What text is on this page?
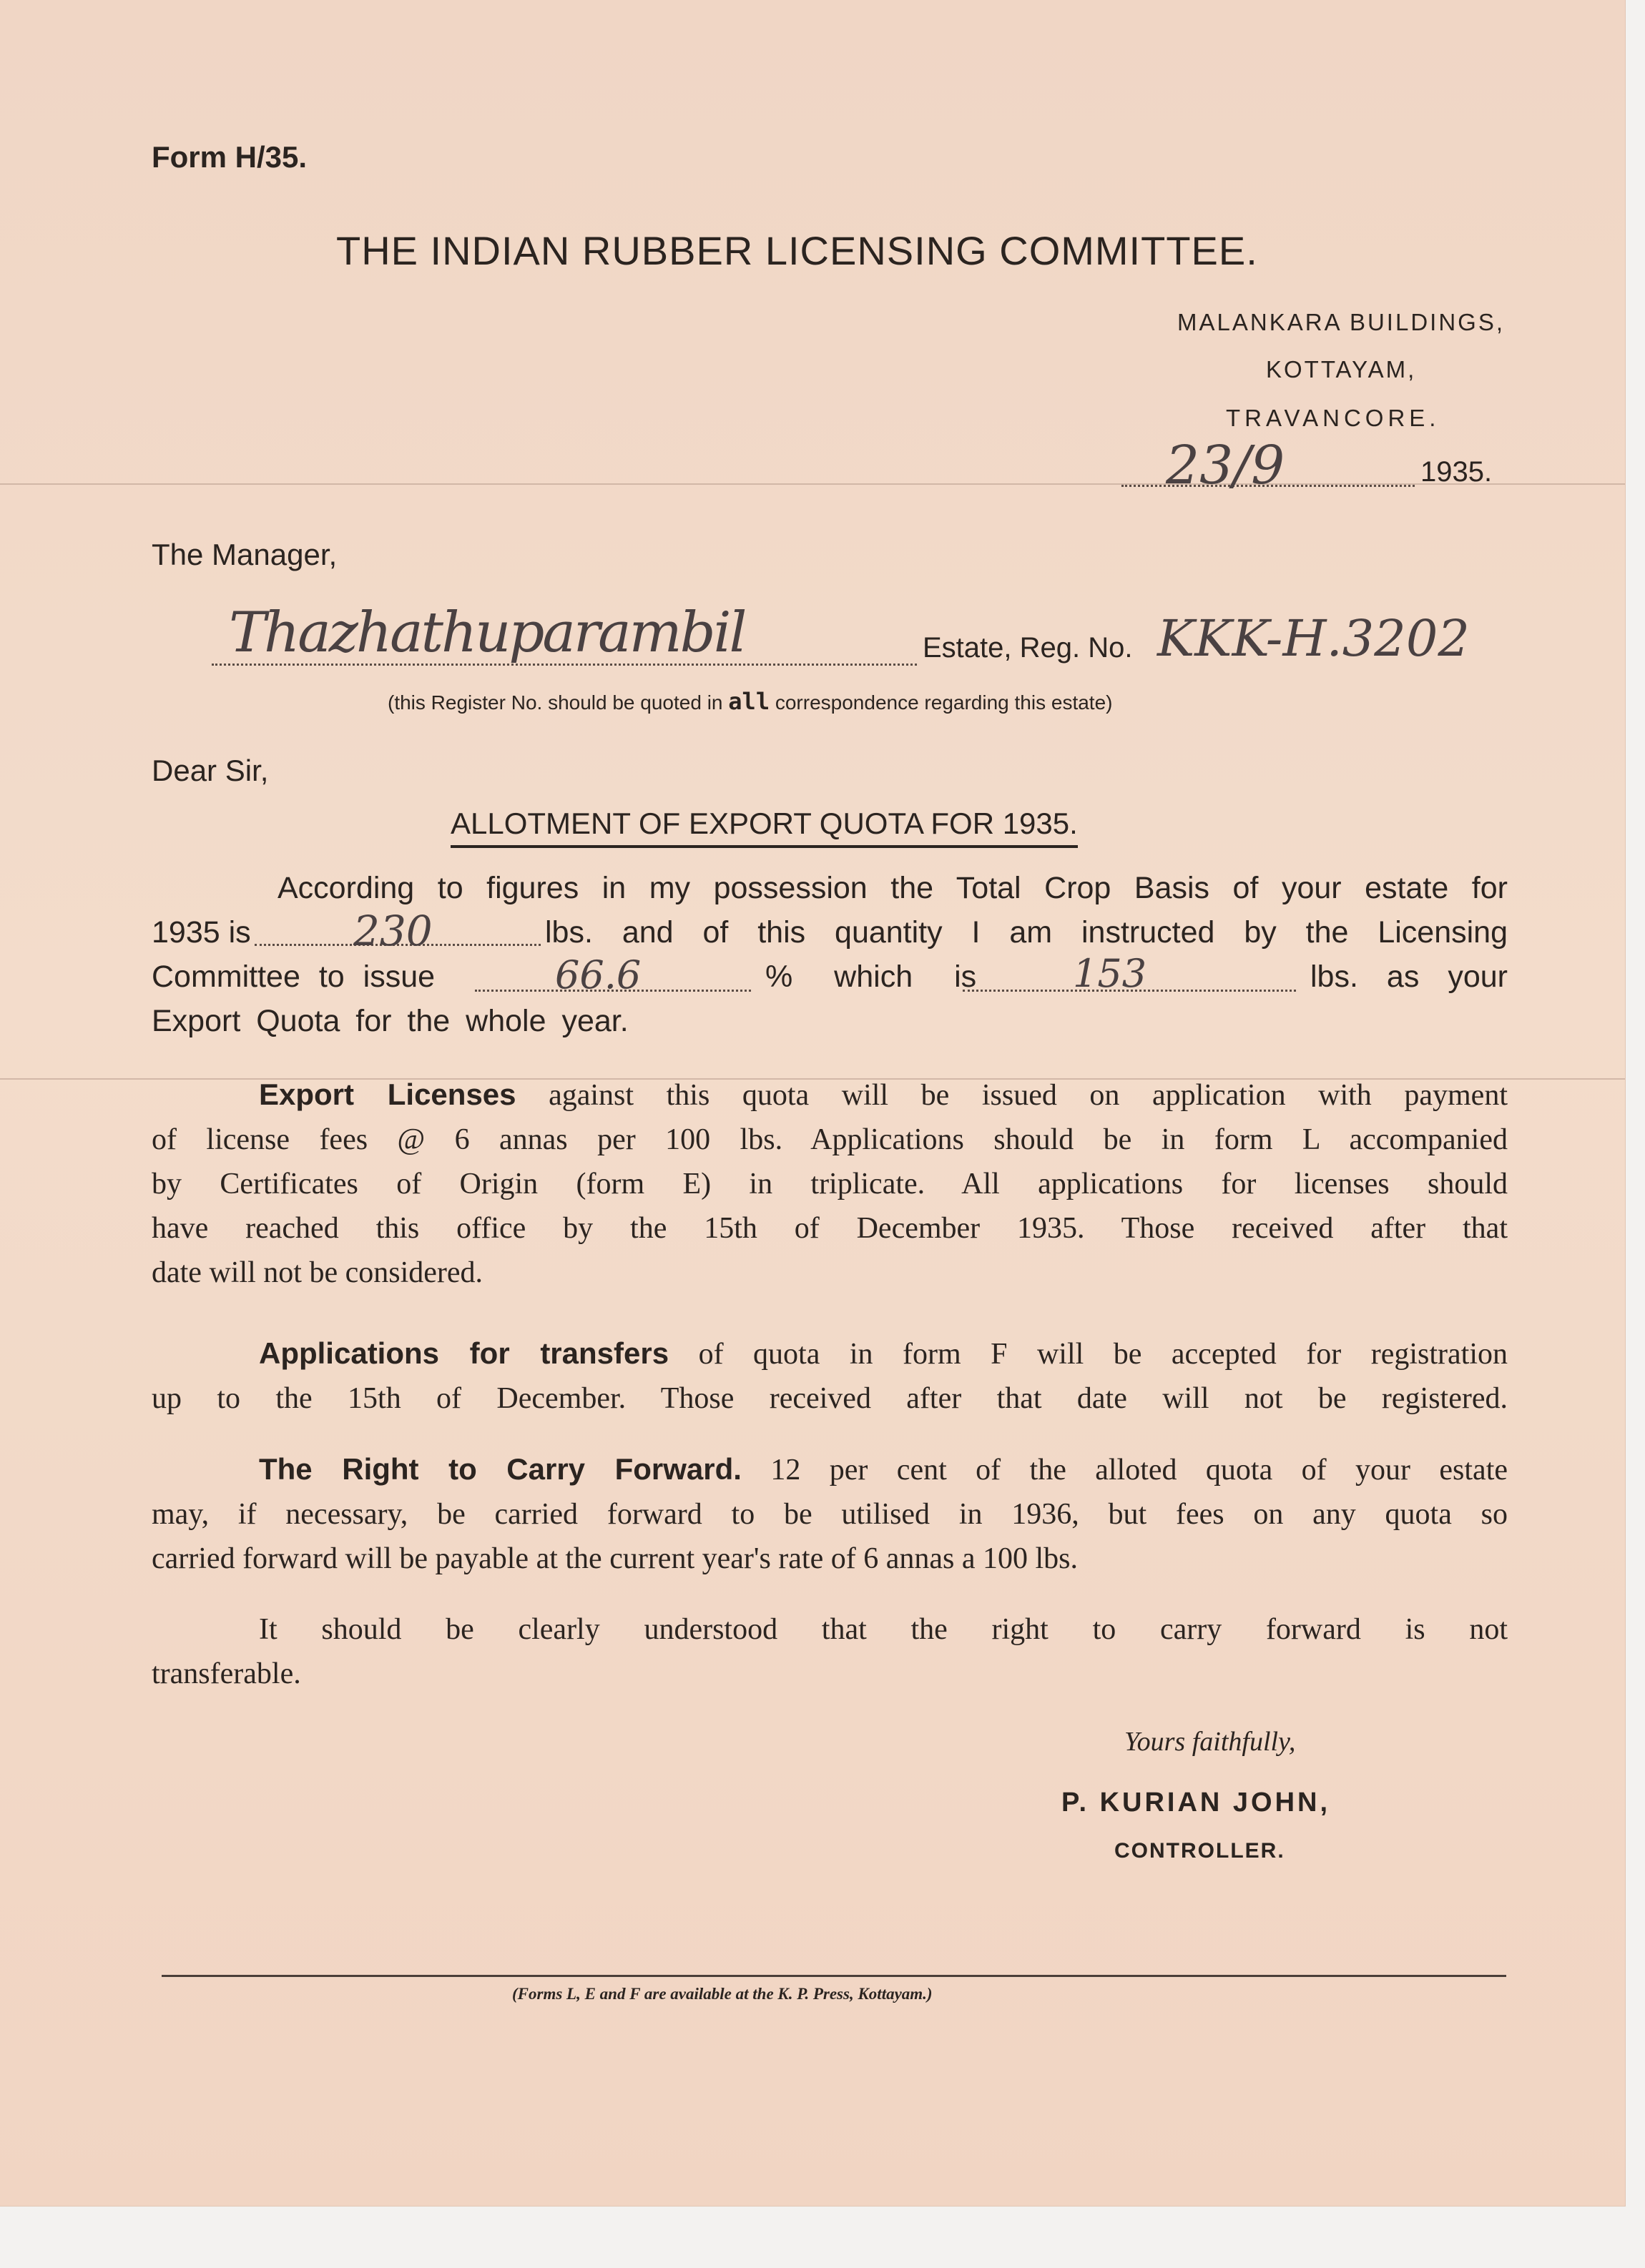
Form H/35.
THE INDIAN RUBBER LICENSING COMMITTEE.
MALANKARA BUILDINGS,
KOTTAYAM,
TRAVANCORE.
23/9	1935.
The Manager,
Thazhathuparambil	Estate, Reg. No. KKK-H.3202
(this Register No. should be quoted in all correspondence regarding this estate)
Dear Sir,
ALLOTMENT OF EXPORT QUOTA FOR 1935.
According to figures in my possession the Total Crop Basis of your estate for
1935 is 230	lbs. and of this quantity I am instructed by the Licensing
Committee to issue	66.6	% which is 153	lbs. as your
Export Quota for the whole year.
Export Licenses against this quota will be issued on application with payment
of license fees @ 6 annas per 100 lbs. Applications should be in form L accompanied
by Certificates of Origin (form E) in triplicate. All applications for licenses should
have reached this office by the 15th of December 1935. Those received after that
date will not be considered.
Applications for transfers of quota in form F will be accepted for registration
up to the 15th of December. Those received after that date will not be registered.
The Right to Carry Forward. 12 per cent of the alloted quota of your estate
may, if necessary, be carried forward to be utilised in 1936, but fees on any quota so
carried forward will be payable at the current year's rate of 6 annas a 100 lbs.
It should be clearly understood that the right to carry forward is not
transferable.
Yours faithfully,
P. KURIAN JOHN,
CONTROLLER.
(Forms L, E and F are available at the K. P. Press, Kottayam.)
